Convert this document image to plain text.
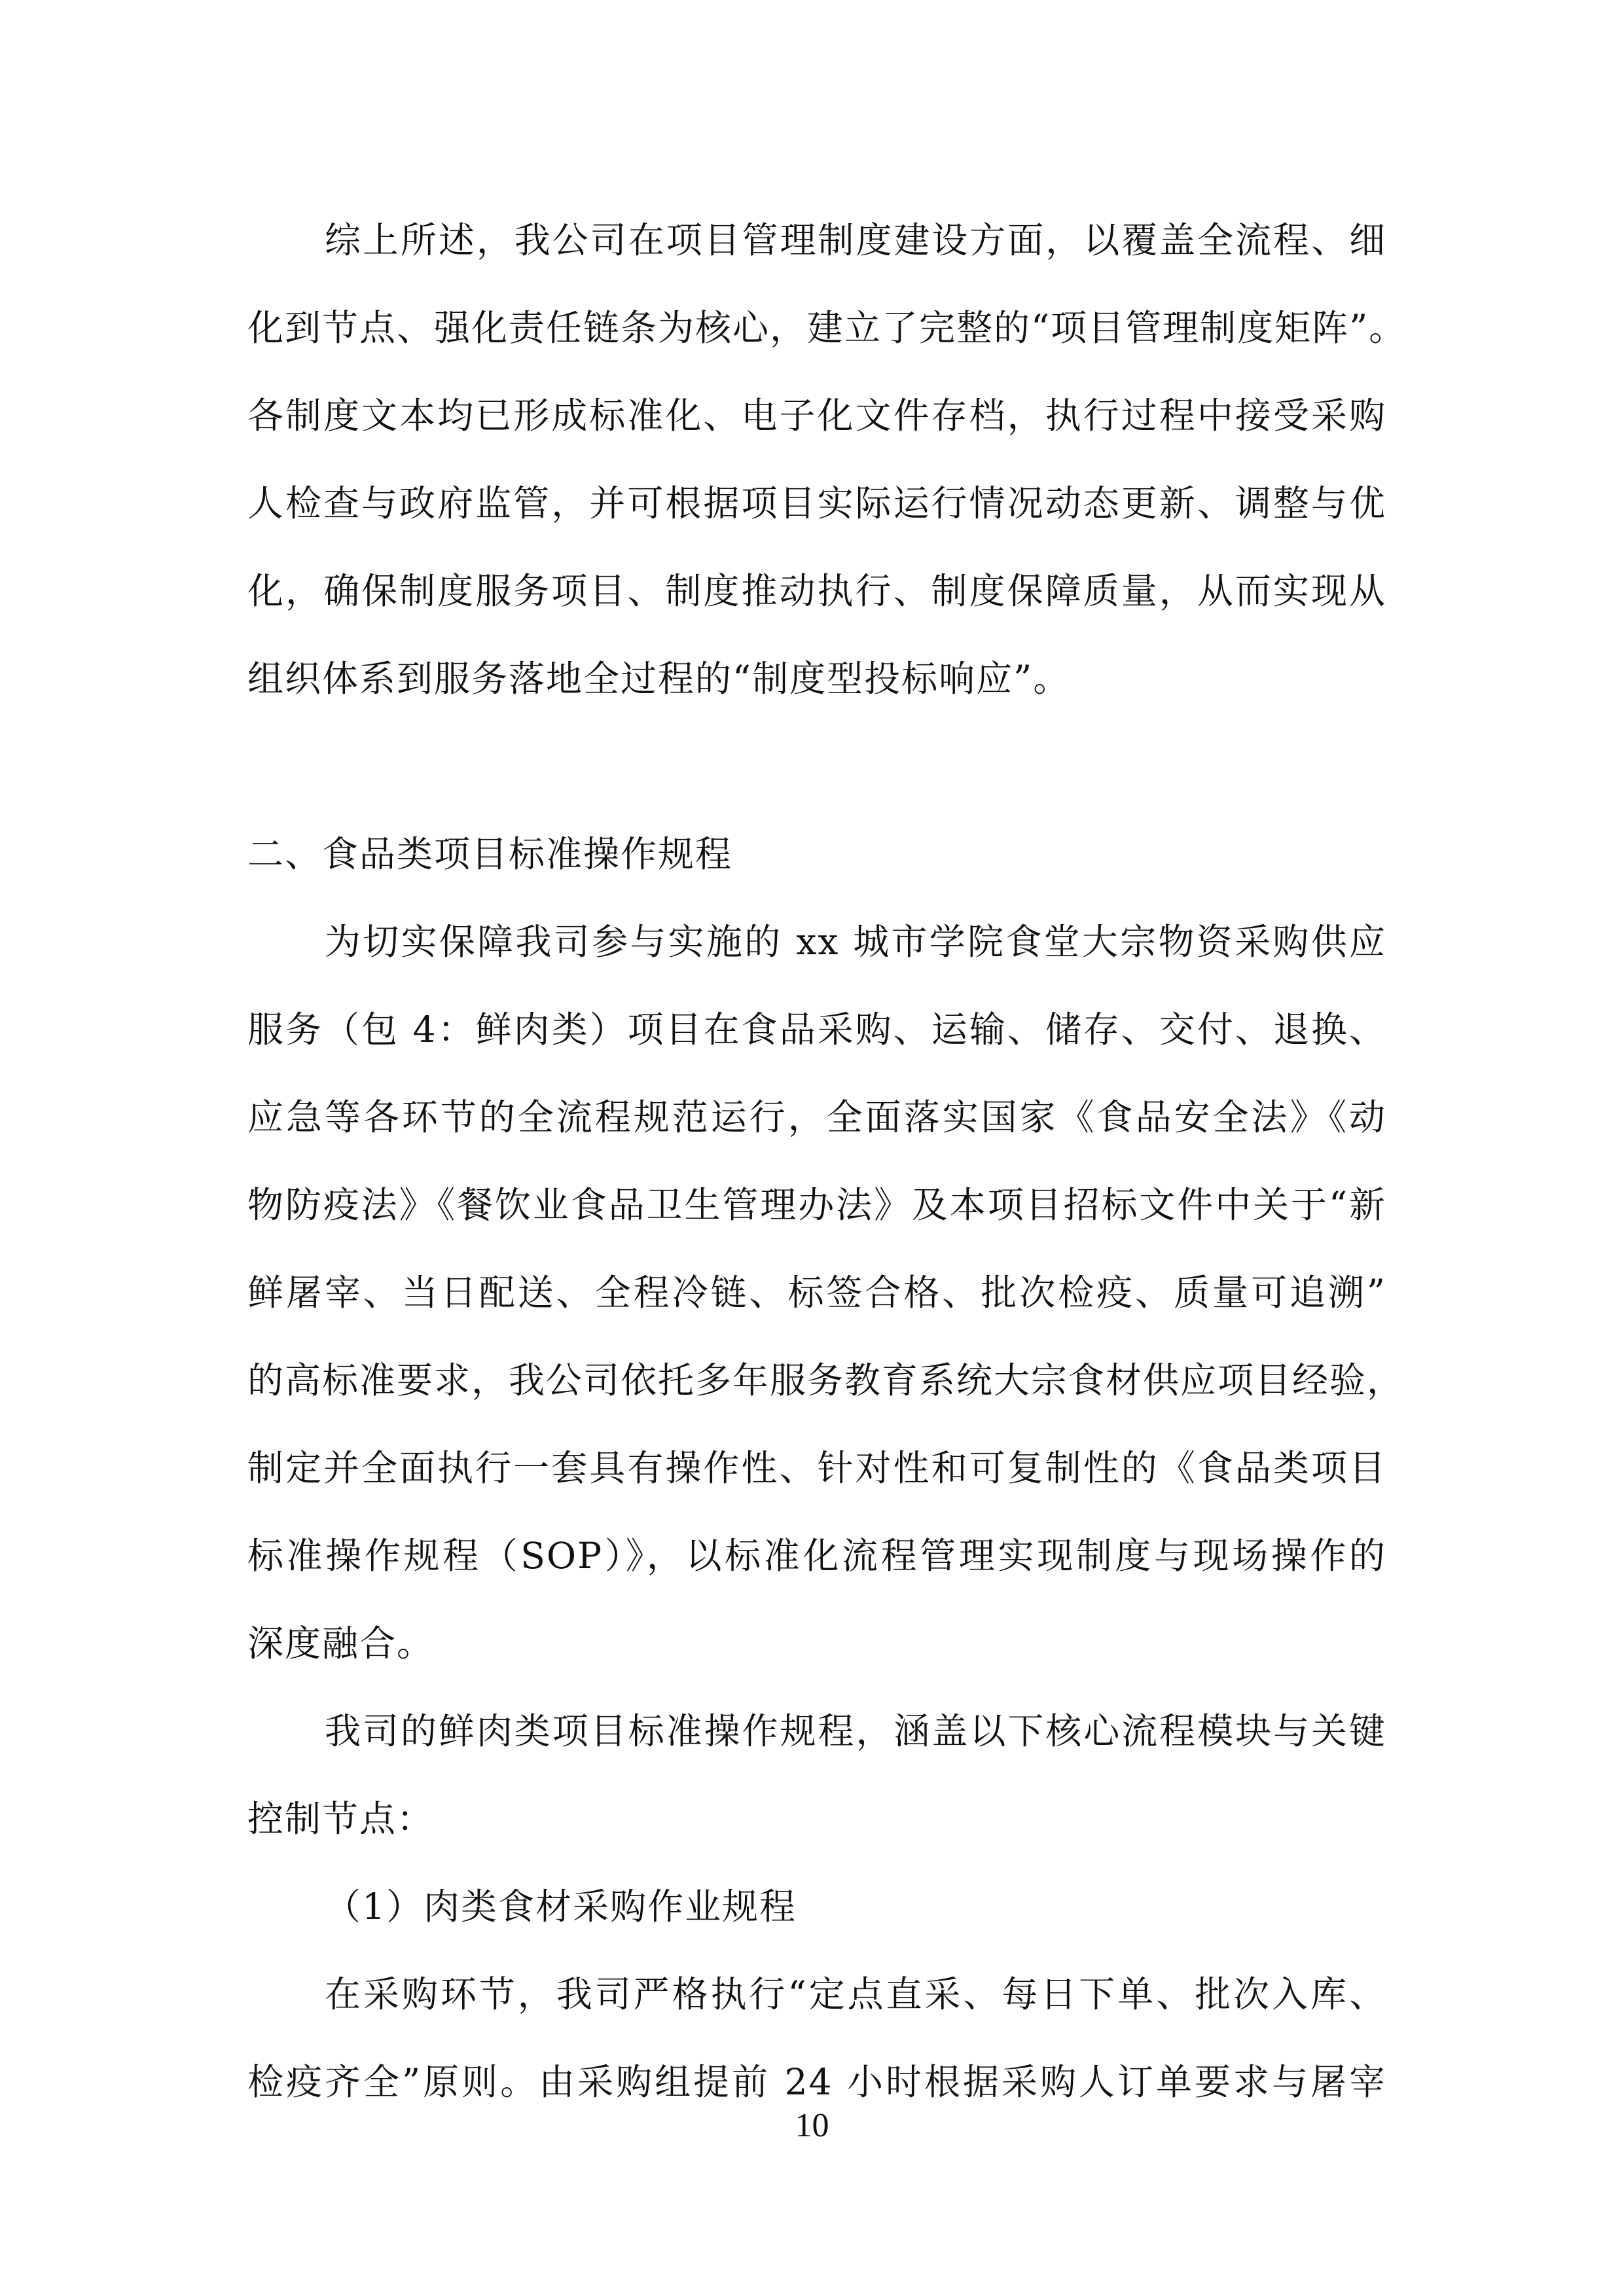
综上所述，我公司在项目管理制度建设方面，以覆盖全流程、细
化到节点、强化责任链条为核心，建立了完整的“项目管理制度矩阵”。
各制度文本均已形成标准化、电子化文件存档，执行过程中接受采购
人检查与政府监管，并可根据项目实际运行情况动态更新、调整与优
化，确保制度服务项目、制度推动执行、制度保障质量，从而实现从
组织体系到服务落地全过程的“制度型投标响应”。
二、食品类项目标准操作规程
为切实保障我司参与实施的 xx 城市学院食堂大宗物资采购供应
服务（包 4：鲜肉类）项目在食品采购、运输、储存、交付、退换、
应急等各环节的全流程规范运行，全面落实国家《食品安全法》《动
物防疫法》《餐饮业食品卫生管理办法》及本项目招标文件中关于“新
鲜屠宰、当日配送、全程冷链、标签合格、批次检疫、质量可追溯”
的高标准要求，我公司依托多年服务教育系统大宗食材供应项目经验，
制定并全面执行一套具有操作性、针对性和可复制性的《食品类项目
标准操作规程（SOP）》，以标准化流程管理实现制度与现场操作的
深度融合。
我司的鲜肉类项目标准操作规程，涵盖以下核心流程模块与关键
控制节点：
（1）肉类食材采购作业规程
在采购环节，我司严格执行“定点直采、每日下单、批次入库、
检疫齐全”原则。由采购组提前 24 小时根据采购人订单要求与屠宰
10
